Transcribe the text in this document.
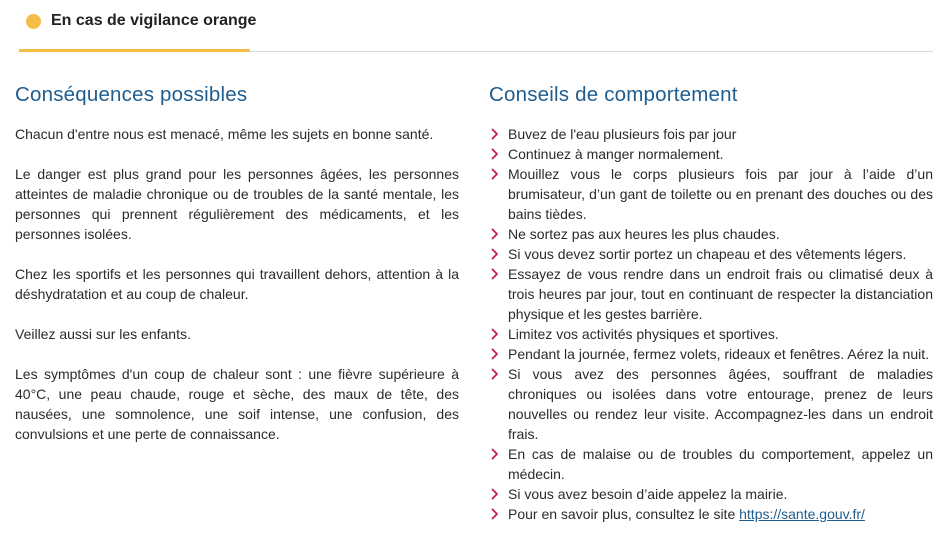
En cas de vigilance orange
Conséquences possibles

Chacun d'entre nous est menacé, même les sujets en bonne santé.

Le danger est plus grand pour les personnes âgées, les personnes atteintes de maladie chronique ou de troubles de la santé mentale, les personnes qui prennent régulièrement des médicaments, et les personnes isolées.

Chez les sportifs et les personnes qui travaillent dehors, attention à la déshydratation et au coup de chaleur.

Veillez aussi sur les enfants.

Les symptômes d'un coup de chaleur sont : une fièvre supérieure à 40°C, une peau chaude, rouge et sèche, des maux de tête, des nausées, une somnolence, une soif intense, une confusion, des convulsions et une perte de connaissance.

Conseils de comportement
Buvez de l'eau plusieurs fois par jour
Continuez à manger normalement.
Mouillez vous le corps plusieurs fois par jour à l’aide d’un brumisateur, d’un gant de toilette ou en prenant des douches ou des bains tièdes.
Ne sortez pas aux heures les plus chaudes.
Si vous devez sortir portez un chapeau et des vêtements légers.
Essayez de vous rendre dans un endroit frais ou climatisé deux à trois heures par jour, tout en continuant de respecter la distanciation physique et les gestes barrière.
Limitez vos activités physiques et sportives.
Pendant la journée, fermez volets, rideaux et fenêtres. Aérez la nuit.
Si vous avez des personnes âgées, souffrant de maladies chroniques ou isolées dans votre entourage, prenez de leurs nouvelles ou rendez leur visite. Accompagnez-les dans un endroit frais.
En cas de malaise ou de troubles du comportement, appelez un médecin.
Si vous avez besoin d’aide appelez la mairie.
Pour en savoir plus, consultez le site https://sante.gouv.fr/
